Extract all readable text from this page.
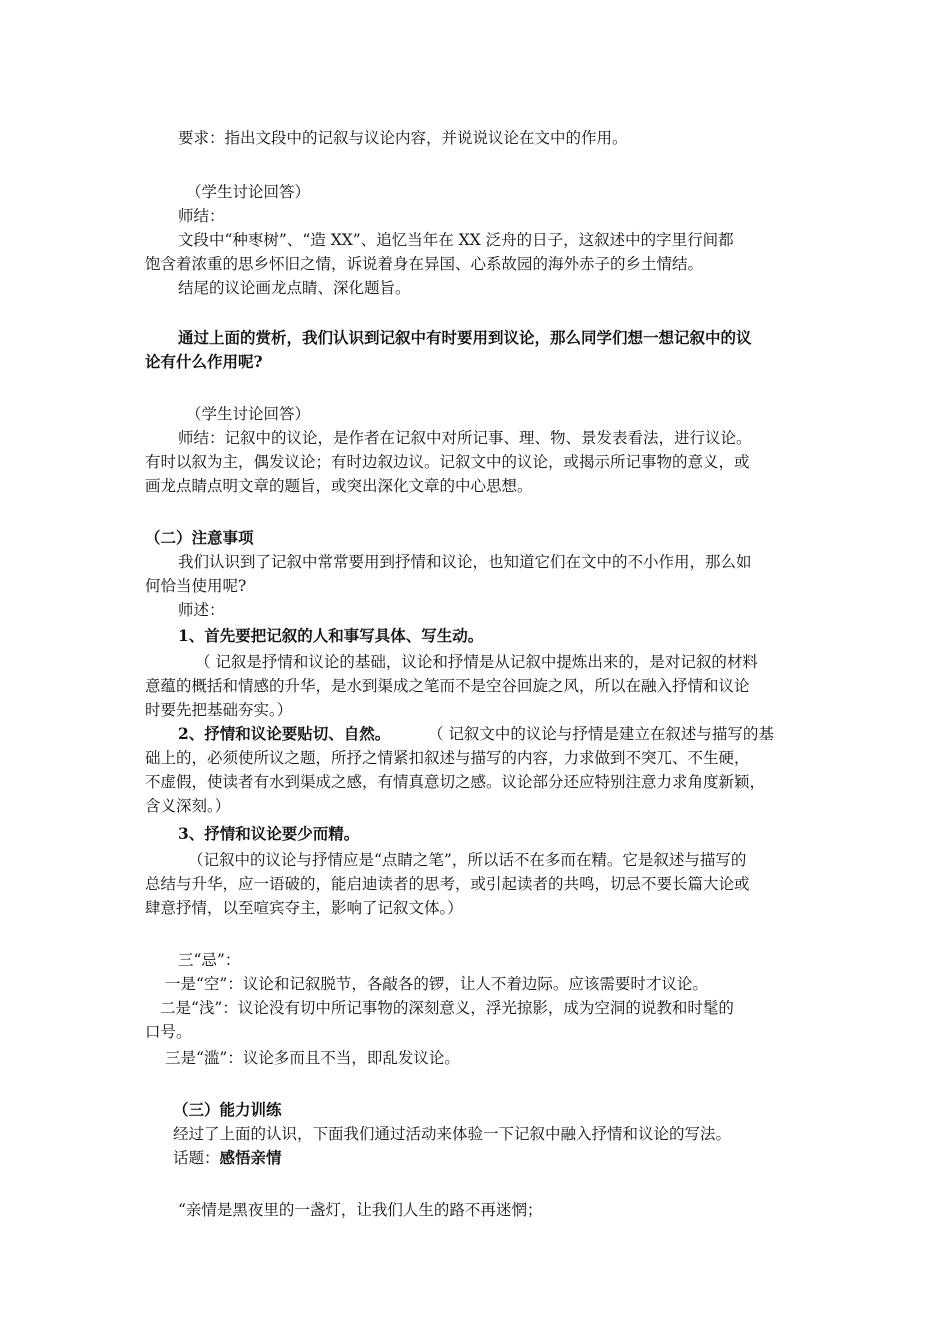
要求：指出文段中的记叙与议论内容，并说说议论在文中的作用。
（学生讨论回答）
师结：
文段中“种枣树”、“造 XX”、追忆当年在 XX 泛舟的日子，这叙述中的字里行间都
饱含着浓重的思乡怀旧之情，诉说着身在异国、心系故园的海外赤子的乡土情结。
结尾的议论画龙点睛、深化题旨。
通过上面的赏析，我们认识到记叙中有时要用到议论，那么同学们想一想记叙中的议
论有什么作用呢?
（学生讨论回答）
师结：记叙中的议论，是作者在记叙中对所记事、理、物、景发表看法，进行议论。
有时以叙为主，偶发议论；有时边叙边议。记叙文中的议论，或揭示所记事物的意义，或
画龙点睛点明文章的题旨，或突出深化文章的中心思想。
（二）注意事项
我们认识到了记叙中常常要用到抒情和议论，也知道它们在文中的不小作用，那么如
何恰当使用呢?
师述：
1、首先要把记叙的人和事写具体、写生动。
（ 记叙是抒情和议论的基础，议论和抒情是从记叙中提炼出来的，是对记叙的材料
意蕴的概括和情感的升华，是水到渠成之笔而不是空谷回旋之风，所以在融入抒情和议论
时要先把基础夯实。）
2、抒情和议论要贴切、自然。 （ 记叙文中的议论与抒情是建立在叙述与描写的基
础上的，必须使所议之题，所抒之情紧扣叙述与描写的内容，力求做到不突兀、不生硬，
不虚假，使读者有水到渠成之感，有情真意切之感。议论部分还应特别注意力求角度新颖，
含义深刻。）
3、抒情和议论要少而精。
（记叙中的议论与抒情应是“点睛之笔”，所以话不在多而在精。它是叙述与描写的
总结与升华，应一语破的，能启迪读者的思考，或引起读者的共鸣，切忌不要长篇大论或
肆意抒情，以至喧宾夺主，影响了记叙文体。）
三“忌”：
一是“空”：议论和记叙脱节，各敲各的锣，让人不着边际。应该需要时才议论。
二是“浅”：议论没有切中所记事物的深刻意义，浮光掠影，成为空洞的说教和时髦的
口号。
三是“滥”：议论多而且不当，即乱发议论。
（三）能力训练
经过了上面的认识，下面我们通过活动来体验一下记叙中融入抒情和议论的写法。
话题：感悟亲情
“亲情是黑夜里的一盏灯，让我们人生的路不再迷惘；
